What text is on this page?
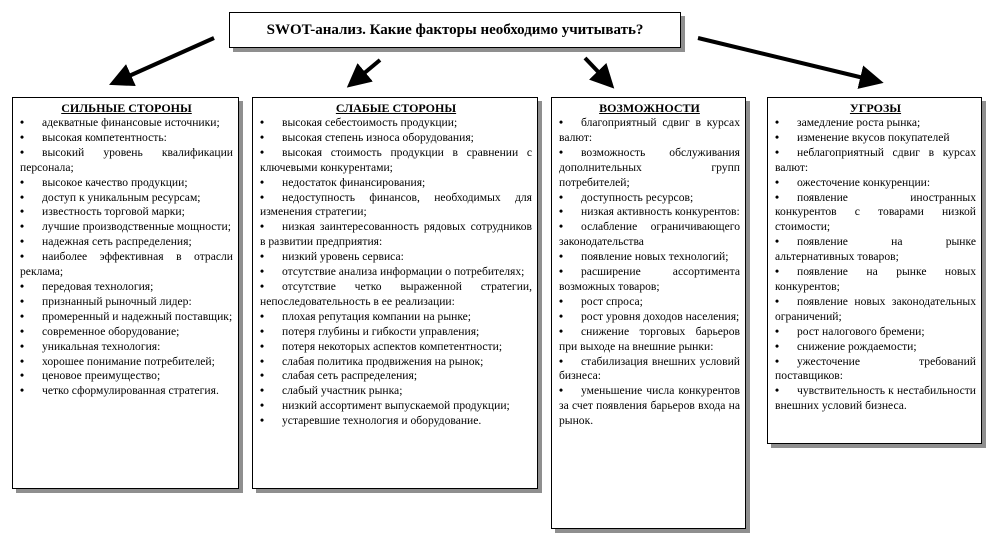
SWOT-анализ. Какие факторы необходимо учитывать?
СИЛЬНЫЕ СТОРОНЫ
• адекватные финансовые источники;
• высокая компетентность:
• высокий уровень квалификации персонала;
• высокое качество продукции;
• доступ к уникальным ресурсам;
• известность торговой марки;
• лучшие производственные мощности;
• надежная сеть распределения;
• наиболее эффективная в отрасли реклама;
• передовая технология;
• признанный рыночный лидер:
• промеренный и надежный поставщик;
• современное оборудование;
• уникальная технология:
• хорошее понимание потребителей;
• ценовое преимущество;
• четко сформулированная стратегия.
СЛАБЫЕ СТОРОНЫ
• высокая себестоимость продукции;
• высокая степень износа оборудования;
• высокая стоимость продукции в сравнении с ключевыми конкурентами;
• недостаток финансирования;
• недоступность финансов, необходимых для изменения стратегии;
• низкая заинтересованность рядовых сотрудников в развитии предприятия:
• низкий уровень сервиса:
• отсутствие анализа информации о потребителях;
• отсутствие четко выраженной стратегии, непоследовательность в ее реализации:
• плохая репутация компании на рынке;
• потеря глубины и гибкости управления;
• потеря некоторых аспектов компетентности;
• слабая политика продвижения на рынок;
• слабая сеть распределения;
• слабый участник рынка;
• низкий ассортимент выпускаемой продукции;
• устаревшие технология и оборудование.
ВОЗМОЖНОСТИ
• благоприятный сдвиг в курсах валют:
• возможность обслуживания дополнительных групп потребителей;
• доступность ресурсов;
• низкая активность конкурентов:
• ослабление ограничивающего законодательства
• появление новых технологий;
• расширение ассортимента возможных товаров;
• рост спроса;
• рост уровня доходов населения;
• снижение торговых барьеров при выходе на внешние рынки:
• стабилизация внешних условий бизнеса:
• уменьшение числа конкурентов за счет появления барьеров входа на рынок.
УГРОЗЫ
• замедление роста рынка;
• изменение вкусов покупателей
• неблагоприятный сдвиг в курсах валют:
• ожесточение конкуренции:
• появление иностранных конкурентов с товарами низкой стоимости;
• появление на рынке альтернативных товаров;
• появление на рынке новых конкурентов;
• появление новых законодательных ограничений;
• рост налогового бремени;
• снижение рождаемости;
• ужесточение требований поставщиков:
• чувствительность к нестабильности внешних условий бизнеса.
